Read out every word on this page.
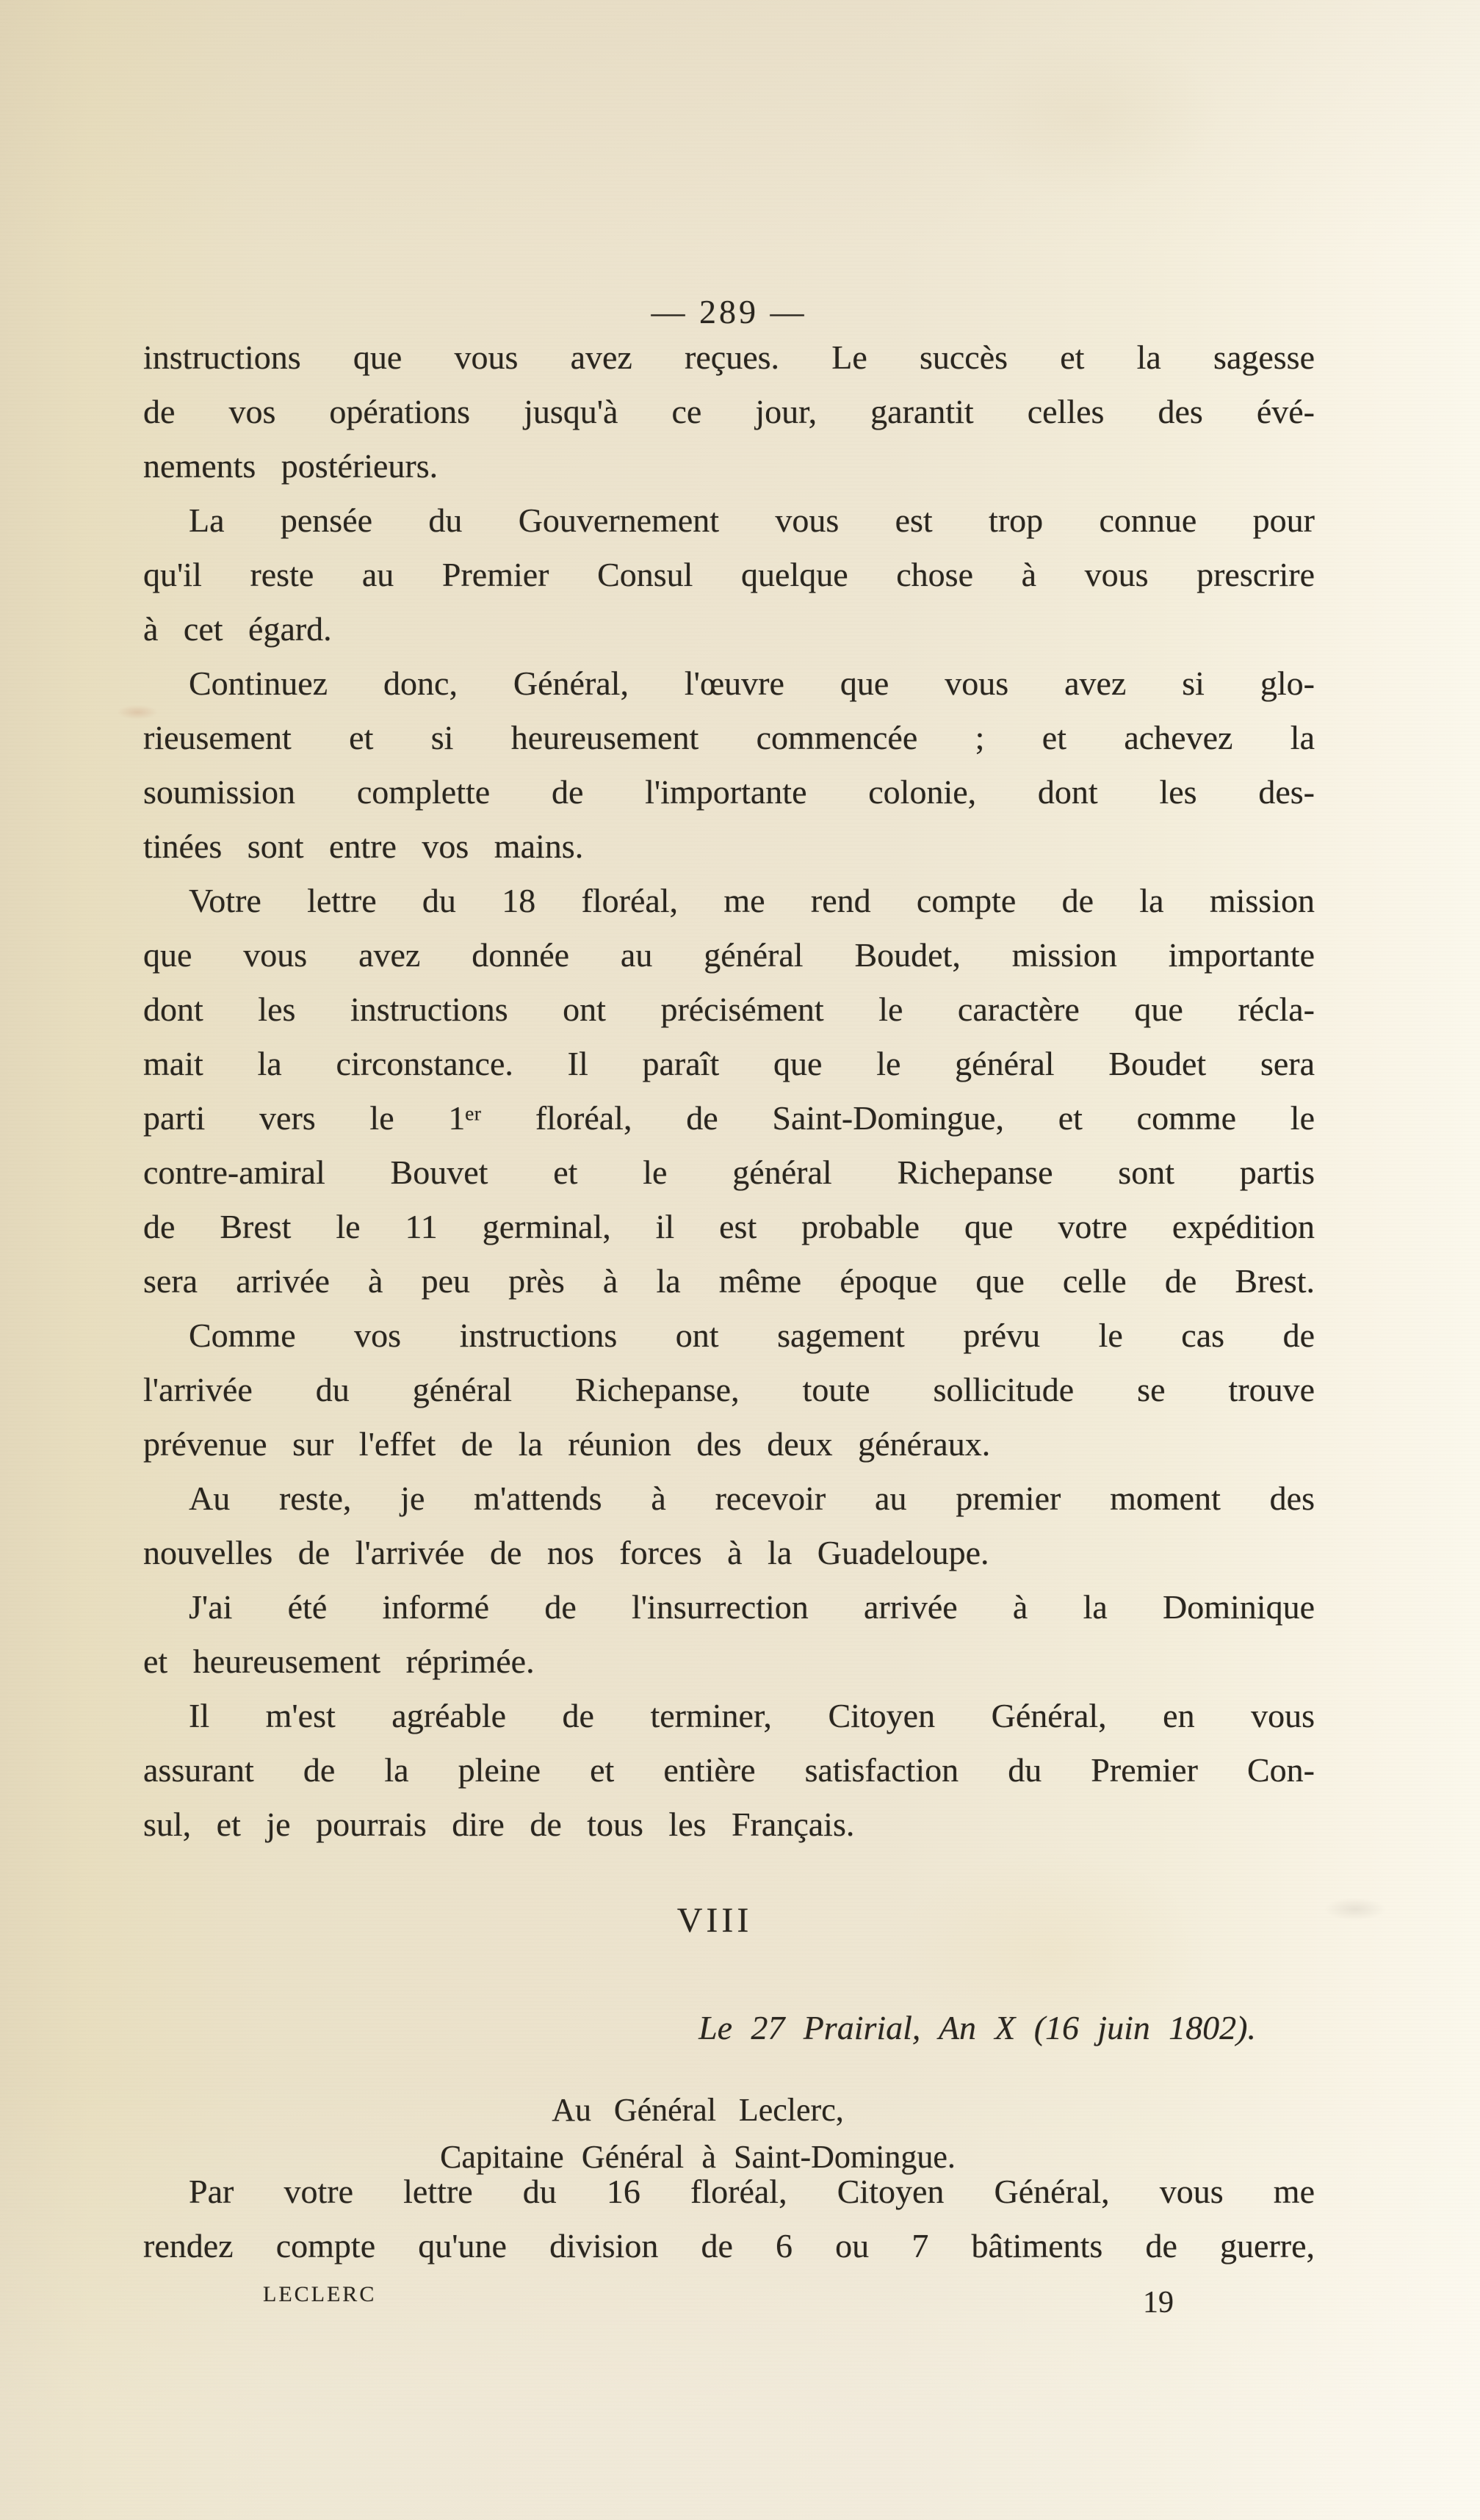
— 289 —
instructions que vous avez reçues. Le succès et la sagesse
de vos opérations jusqu'à ce jour, garantit celles des évé-
nements postérieurs.
La pensée du Gouvernement vous est trop connue pour
qu'il reste au Premier Consul quelque chose à vous prescrire
à cet égard.
Continuez donc, Général, l'œuvre que vous avez si glo-
rieusement et si heureusement commencée ; et achevez la
soumission complette de l'importante colonie, dont les des-
tinées sont entre vos mains.
Votre lettre du 18 floréal, me rend compte de la mission
que vous avez donnée au général Boudet, mission importante
dont les instructions ont précisément le caractère que récla-
mait la circonstance. Il paraît que le général Boudet sera
parti vers le 1ᵉʳ floréal, de Saint-Domingue, et comme le
contre-amiral Bouvet et le général Richepanse sont partis
de Brest le 11 germinal, il est probable que votre expédition
sera arrivée à peu près à la même époque que celle de Brest.
Comme vos instructions ont sagement prévu le cas de
l'arrivée du général Richepanse, toute sollicitude se trouve
prévenue sur l'effet de la réunion des deux généraux.
Au reste, je m'attends à recevoir au premier moment des
nouvelles de l'arrivée de nos forces à la Guadeloupe.
J'ai été informé de l'insurrection arrivée à la Dominique
et heureusement réprimée.
Il m'est agréable de terminer, Citoyen Général, en vous
assurant de la pleine et entière satisfaction du Premier Con-
sul, et je pourrais dire de tous les Français.
VIII
Le 27 Prairial, An X (16 juin 1802).
Au Général Leclerc,
Capitaine Général à Saint-Domingue.
Par votre lettre du 16 floréal, Citoyen Général, vous me
rendez compte qu'une division de 6 ou 7 bâtiments de guerre,
LECLERC	19
